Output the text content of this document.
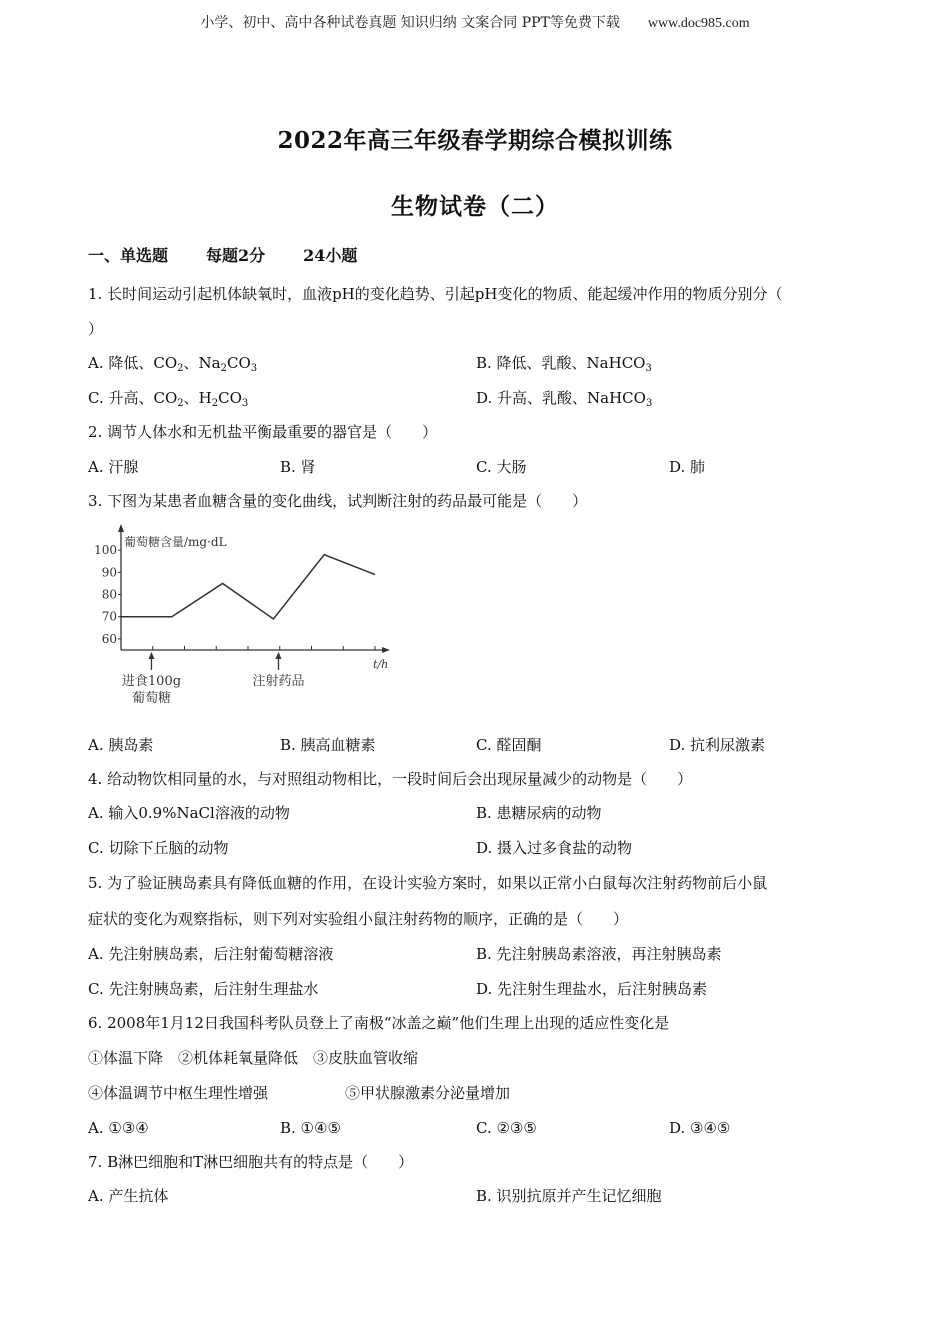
小学、初中、高中各种试卷真题 知识归纳 文案合同 PPT等免费下载 www.doc985.com
2022年高三年级春学期综合模拟训练
生物试卷（二）
一、单选题 每题2分 24小题
1. 长时间运动引起机体缺氧时，血液pH的变化趋势、引起pH变化的物质、能起缓冲作用的物质分别分（
）
A. 降低、$CO_2$、$Na_2CO_3$	B. 降低、乳酸、NaHCO$_3$
C. 升高、$CO_2$、$H_2CO_3$	D. 升高、乳酸、NaHCO$_3$
2. 调节人体水和无机盐平衡最重要的器官是（　　）
A. 汗腺	B. 肾	C. 大肠	D. 肺
3. 下图为某患者血糖含量的变化曲线，试判断注射的药品最可能是（　　）
葡萄糖含量/mg·dL
t/h
100
90
80
70
60
进食100g
葡萄糖
注射药品
A. 胰岛素	B. 胰高血糖素	C. 醛固酮	D. 抗利尿激素
4. 给动物饮相同量的水，与对照组动物相比，一段时间后会出现尿量减少的动物是（　　）
A. 输入0.9%NaCl溶液的动物	B. 患糖尿病的动物
C. 切除下丘脑的动物	D. 摄入过多食盐的动物
5. 为了验证胰岛素具有降低血糖的作用，在设计实验方案时，如果以正常小白鼠每次注射药物前后小鼠
症状的变化为观察指标，则下列对实验组小鼠注射药物的顺序，正确的是（　　）
A. 先注射胰岛素，后注射葡萄糖溶液	B. 先注射胰岛素溶液，再注射胰岛素
C. 先注射胰岛素，后注射生理盐水	D. 先注射生理盐水，后注射胰岛素
6. 2008年1月12日我国科考队员登上了南极“冰盖之巅”他们生理上出现的适应性变化是
①体温下降　②机体耗氧量降低　③皮肤血管收缩
④体温调节中枢生理性增强	⑤甲状腺激素分泌量增加
A. ①③④	B. ①④⑤	C. ②③⑤	D. ③④⑤
7. B淋巴细胞和T淋巴细胞共有的特点是（　　）
A. 产生抗体	B. 识别抗原并产生记忆细胞
